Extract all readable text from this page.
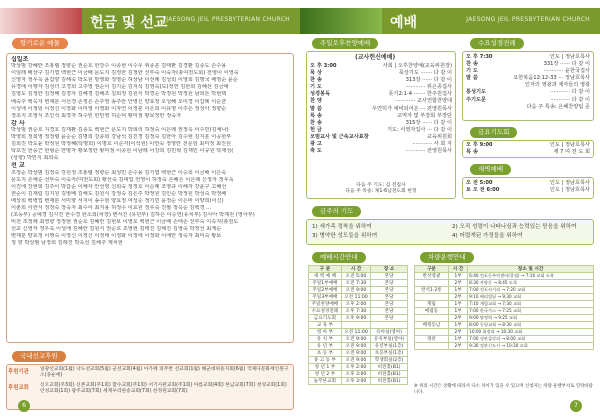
헌금 및 선교
JAESONG JEIL PRESBYTERIAN CHURCH
향기로운 예물
십일조
박상범 강혜란 조홍렬 정향순 권순호 한강수 이종현 이수우 위종훈 김태환 김경환 김종도 손수용
이임래 배상구 김기엽 백현근 이금배 문도지 김정한 김정한 선부숙 이숙자(총여전도회) 전영이 이영숙
신영자 정우옥 윤갑양 김해숙 박도원 방영화 정영순 허상남 이선례 김성희 이영희 김명국 배영순 윤순
유경애 이행자 김성녀 고경희 고주영 권순이 김기순 김지석 김영숙(도)정연 김한희 김혜선 김금예
김영도 김정란 김정해 김경자 김혜경 김해조 김희정 김원식 박경순 박정원 박정원 남희돈 박현택
배숙주 백옥자 변재분 서선경 손정은 손주영 송주란 안영신 양효정 오성혜 오미경 이갑례 이순균
이성애 이정임 이정신 이정화 이미영 이영화 이자연 이정훈 이은희 이유영 이주은 정성아 정향순
정초지 조영식 조인석 최경자 허수빈 한민영 허순덕 황미점 황보정란 정숙자
감 사
박상범 권순호 지경호 김재환 김종도 백현근 문도지 박희리 허정숙 이은례 권정옥 이수민(김예나)
박영희 정희영 정정렬 윤순순 김명희 강종희 강남석 김진경 김정숙 김한아 김수현 김지훈 이공한부
김희진 박도윤 박정원 박정혜(탁명희) 이명호 이순자(이석원) 이연숙 정영란 천문임 최미정 최진원
탁호진 한웅근 한형순 한명자 황보정란 황미점 이종원 이남례 이강희 김민혁 김재민 이규원 탁재성(
(상향) 박민지 최희숙
선 교
조정순 박상범 김정숙 강원정 조홍렬 정향순 최성민 손수용 김기엽 백현근 이승희 이금배 이은숙
문도지 손예순 선부숙 이숙자(여전도회) 황선숙 김대업 전영이 허정숙 손혜은 이은례 신정자 정우옥
이진애 강현희 김주이 박갑순 이해자 안선영 신희숙 정정호 이순례 조영규 이해자 강윤구 고혜선
권순이 김재림 김지원 김병배 김해도 김원식 강정숙 김은주 박정원 김인순 박정원 박성숙 박정배
배상희 백병업 변재분 서미향 서지이 송수현 양효정 여성순 정기민 윤정순 이은비 이양희(이신)
이춘희 이한식 정정숙 장숙자 최수이 최지용 허정수 이효원 정우숙 진필 정옥순 김백경 ...
(초등부) 공예경 김시진 한수경 한소희(차장) 변서진 (유년부) 김하은 이승연(유치부) 김사아 박재원 (영아부)
비전 조정례 최영향 정정현 권순호 김혜란 김현보 이영호 백현근 이금배 손태손 선부숙 이숙자(총전도
선교 신영자 정우옥 이성애 김혜란 김원식 권순호 조영현 김태진 김해진 김영숙 박정선 최계순
변재분 양효정 이행숙 이정신 이정신 이정태 이정화 이정애 이정화 이애안 정숙자 최미숙 황보
정 향 박상범 남정희 김래진 박옥선 김해주 제치현
국내선교후원
후원기관	일광선교회(1월) 낙도선교회(5월) 군선교회(4월) 아가페 의무반 선교회(1월) 해군대위동지회(6월) 국제다문화세인원구소(중순에)
후원교회	신오교회(주3회) 신촌교회(주1회) 할수교회(주1회) 서기사관교회(주1회) 아름교회(4회) 한남교회(7회) 천성교회(1회) 안성교회(1회) 광주교회(7회) 세계우리한송교회(7회) 한정원교회(7회)
6
예배	JAESONG JEIL PRESBYTERIAN CHURCH
주일오후찬양예배
(교사헌신예배)
오 후 3:00	사회 | 오후찬양예(교육위원장)
묵 상	묵상기도 ······· 다 같 이
찬 송	313장 ······ 다 같 이
기 도	············ 위은종집사
성경봉독	롯기2:1-4 ······· 한주원집사
찬 양	············ 교사연합찬양대
말 씀	우연히가 예비되어온 ··· 전영원목사
특 송	교역자 및 부장회 부장단
찬 송	315장 ······ 다 같 이
헌 금	기도: 이영자집사 ··· 다 같 이
모범교사 및 근속교사표창	교육위원회
광 고	············ 사 회 자
축 도	············ 전영원목사
다음 주 기도: 김 전집사
다음 주 특송: 제1-6남전도회 헌정
수요성경전례
오 후 7:30	인도 | 정남호목사
찬 송	331장 ······ 다 같 이
기 도	············ 윤한국집사
말 씀	요한복음12:12-33 ··· 정남호목사
인자의 영광과 제자들의 영광
통성기도	············ 다 같 이
주기도문	············ 다 같 이
다음 주 특송: 은혜찬양팀 준
금요기도회
오 후 9:00	인도 | 정남호목사
특 송	제 7 여 전 도 회
새벽예배
오 전 5:00	인도 | 정남호목사
토 오 전 6:00	인도 | 정남호목사
금주의 기도
1) 세가족 정착을 위하여
3) 병약한 성도들을 위하여
2) 오직 성령이 나타나심과 능력있는 믿음을 위하여
4) 어렵게된 가정들을 위하여
예배시간안내
구 분	시 간	장 소
새 벽 예 배	오전 5:00	본당
주일1부예배	오전 7:30	본당
주일2부예배	오전 9:00	본당
주일3부예배	오전 11:00	본당
주일찬양예배	오후 2:00	본당
수요성경전례	오후 7:30	본당
금요기도회	오후 9:00	본당
교 육 부		
영 아 부	오전 11:00	유아실(영아)
유 치 부	오전 9:00	유치부실(영아)
유 년 부	오전 9:00	유년부실(1층)
초 등 부	오전 9:00	초등부실(1층)
중 고 등 부	오전 9:00	학생회실(2층)
청 년 1 부	오후 2:00	비전홀(B1)
청 년 2 부	오후 3:00	비전홀(B1)
늘푸른교회	오후 3:00	비전홀(B1)
차량운행안내
구분	시 간	장소 및 시간
반석영광	1부	6:40 전포동주민센터(종점) → 7:10 교회 도착
	2부	8:30 자양동 → 8:45 도착
반석1·2통	1부	7:00 전포사거리 → 7:20 교회
	2부	9:10 배리빌딩 → 9:30 교회
계림	1부	7:10 계림교회 → 7:30 교회
매립동	1부	7:00 한국가스 → 7:25 교회
	2부	9:00 양정역 → 9:25 교회
배정동남	1부	8:00 동평교회 → 8:30 교회
	2부	10:00 화정리 → 10:30 교회
정관	1부	7:00 정관삼각리 → 8:00 교회
	2부	9:30 정관신도시 → 10:30 교회
※ 위의 시간은 상황에 따라서 다소 차이가 있을 수 있으며 신청자는 차량 운행부서로 연락바랍니다.
7
